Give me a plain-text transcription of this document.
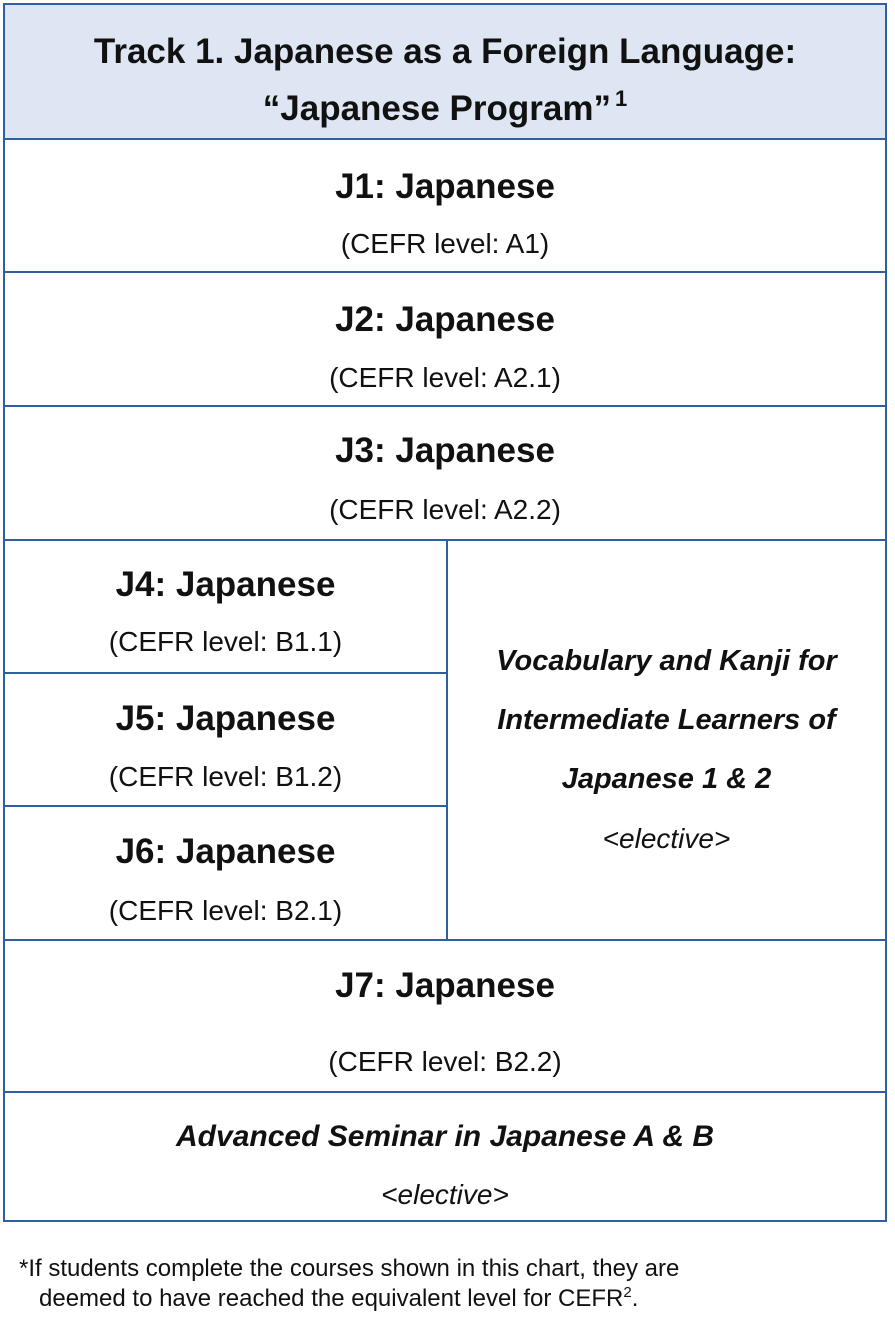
Track 1. Japanese as a Foreign Language:
“Japanese Program” $^1$
J1: Japanese
(CEFR level: A1)
J2: Japanese
(CEFR level: A2.1)
J3: Japanese
(CEFR level: A2.2)
J4: Japanese
(CEFR level: B1.1)
J5: Japanese
(CEFR level: B1.2)
J6: Japanese
(CEFR level: B2.1)
Vocabulary and Kanji for
Intermediate Learners of
Japanese 1 & 2
<elective>
J7: Japanese
(CEFR level: B2.2)
Advanced Seminar in Japanese A & B
<elective>
*If students complete the courses shown in this chart, they are
deemed to have reached the equivalent level for CEFR$^2$.
